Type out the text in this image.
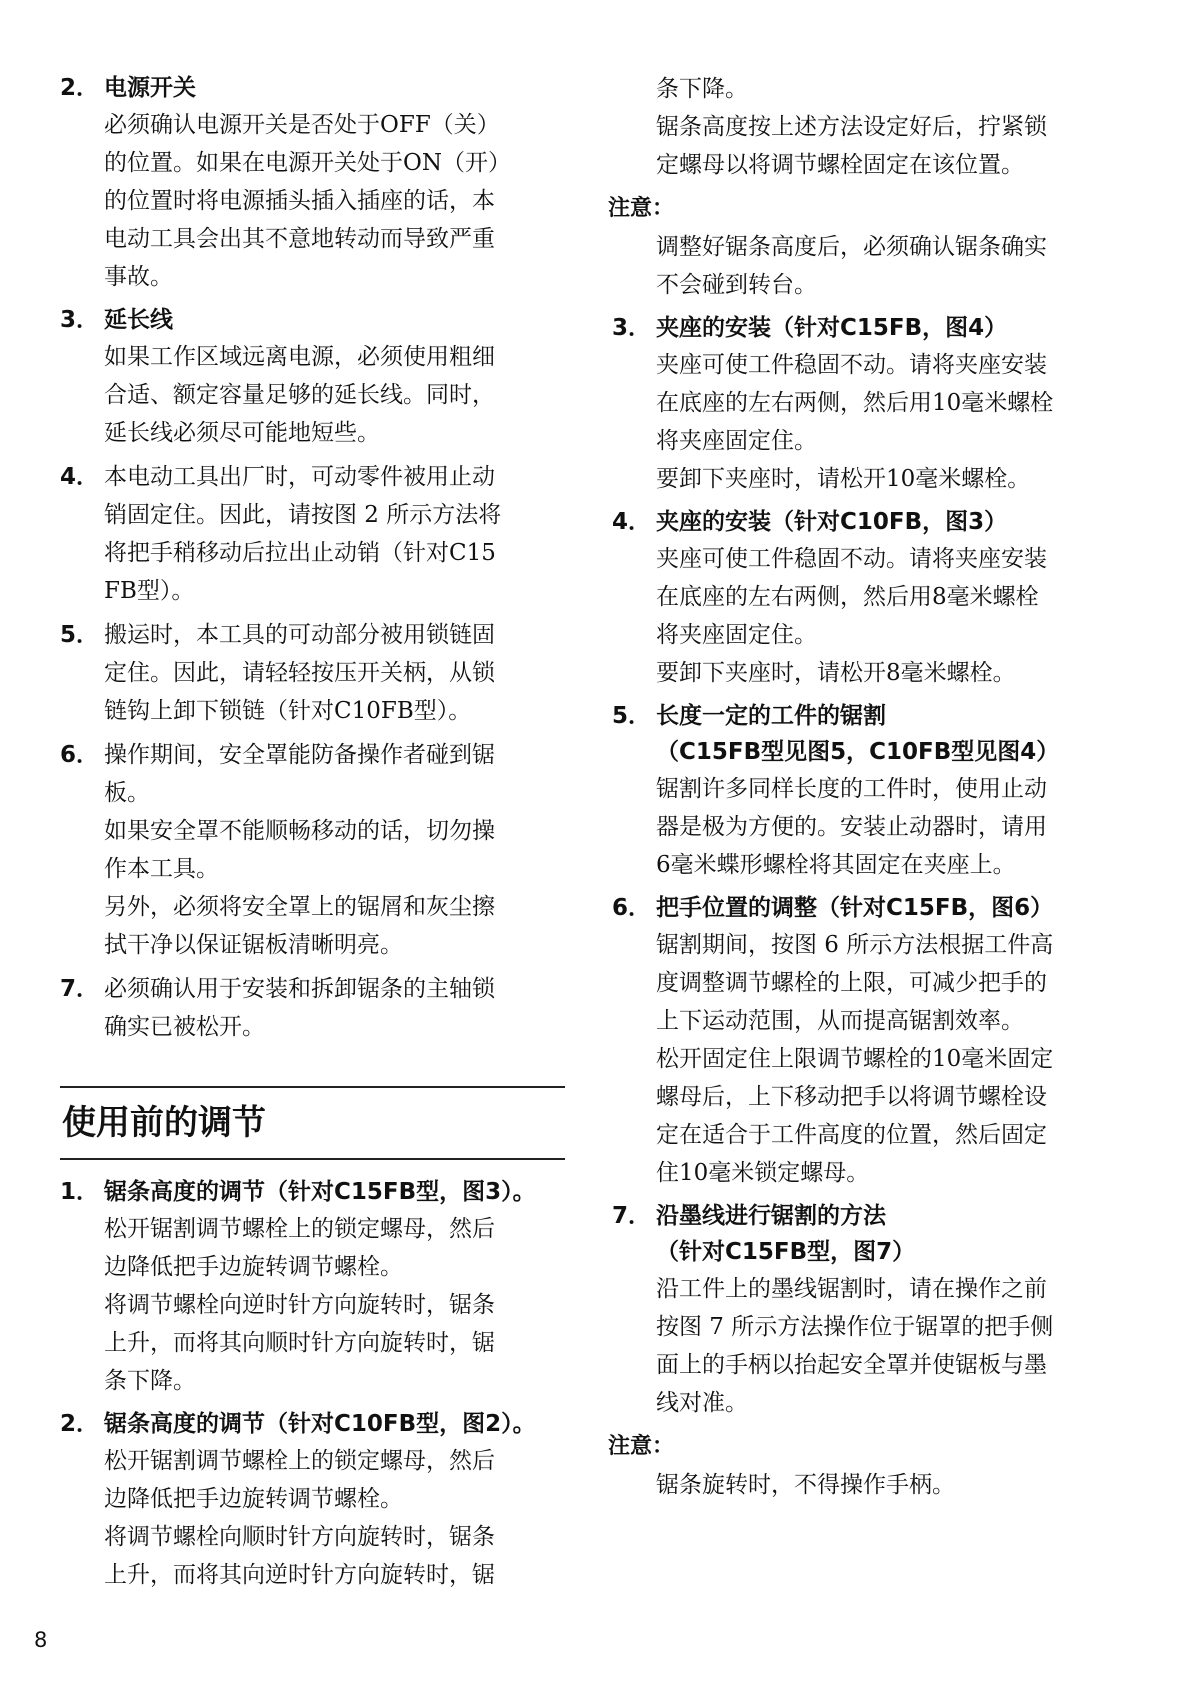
2． 电源开关
必须确认电源开关是否处于OFF（关）
的位置。如果在电源开关处于ON（开）
的位置时将电源插头插入插座的话，本
电动工具会出其不意地转动而导致严重
事故。
3． 延长线
如果工作区域远离电源，必须使用粗细
合适、额定容量足够的延长线。同时，
延长线必须尽可能地短些。
4． 本电动工具出厂时，可动零件被用止动
销固定住。因此，请按图 2 所示方法将
将把手稍移动后拉出止动销（针对C15
FB型）。
5． 搬运时，本工具的可动部分被用锁链固
定住。因此，请轻轻按压开关柄，从锁
链钩上卸下锁链（针对C10FB型）。
6． 操作期间，安全罩能防备操作者碰到锯
板。
如果安全罩不能顺畅移动的话，切勿操
作本工具。
另外，必须将安全罩上的锯屑和灰尘擦
拭干净以保证锯板清晰明亮。
7． 必须确认用于安装和拆卸锯条的主轴锁
确实已被松开。
使用前的调节
1． 锯条高度的调节（针对C15FB型，图3）。
松开锯割调节螺栓上的锁定螺母，然后
边降低把手边旋转调节螺栓。
将调节螺栓向逆时针方向旋转时，锯条
上升，而将其向顺时针方向旋转时，锯
条下降。
2． 锯条高度的调节（针对C10FB型，图2）。
松开锯割调节螺栓上的锁定螺母，然后
边降低把手边旋转调节螺栓。
将调节螺栓向顺时针方向旋转时，锯条
上升，而将其向逆时针方向旋转时，锯
条下降。
锯条高度按上述方法设定好后，拧紧锁
定螺母以将调节螺栓固定在该位置。
注意：
调整好锯条高度后，必须确认锯条确实
不会碰到转台。
3． 夹座的安装（针对C15FB，图4）
夹座可使工件稳固不动。请将夹座安装
在底座的左右两侧，然后用10毫米螺栓
将夹座固定住。
要卸下夹座时，请松开10毫米螺栓。
4． 夹座的安装（针对C10FB，图3）
夹座可使工件稳固不动。请将夹座安装
在底座的左右两侧，然后用8毫米螺栓
将夹座固定住。
要卸下夹座时，请松开8毫米螺栓。
5． 长度一定的工件的锯割
（C15FB型见图5，C10FB型见图4）
锯割许多同样长度的工件时，使用止动
器是极为方便的。安装止动器时，请用
6毫米蝶形螺栓将其固定在夹座上。
6． 把手位置的调整（针对C15FB，图6）
锯割期间，按图 6 所示方法根据工件高
度调整调节螺栓的上限，可减少把手的
上下运动范围，从而提高锯割效率。
松开固定住上限调节螺栓的10毫米固定
螺母后，上下移动把手以将调节螺栓设
定在适合于工件高度的位置，然后固定
住10毫米锁定螺母。
7． 沿墨线进行锯割的方法
（针对C15FB型，图7）
沿工件上的墨线锯割时，请在操作之前
按图 7 所示方法操作位于锯罩的把手侧
面上的手柄以抬起安全罩并使锯板与墨
线对准。
注意：
锯条旋转时，不得操作手柄。
8
